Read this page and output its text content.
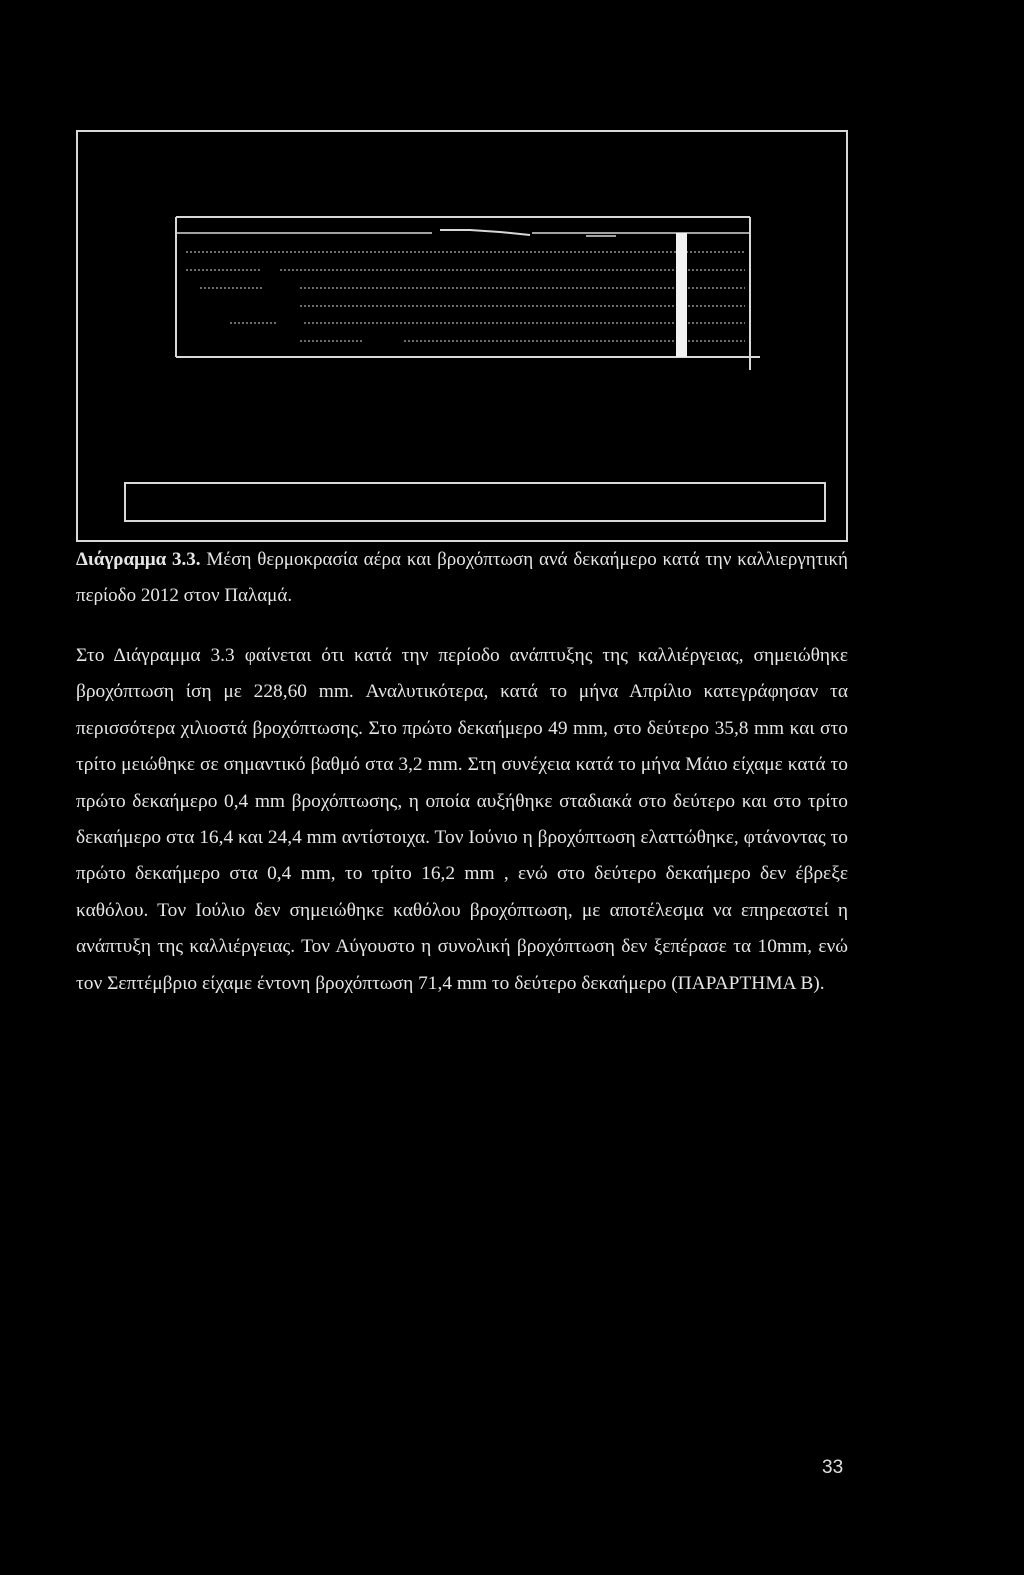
Διάγραμμα 3.3. Μέση θερμοκρασία αέρα και βροχόπτωση ανά δεκαήμερο κατά την καλλιεργητική περίοδο 2012 στον Παλαμά.

Στο Διάγραμμα 3.3 φαίνεται ότι κατά την περίοδο ανάπτυξης της καλλιέργειας, σημειώθηκε βροχόπτωση ίση με 228,60 mm. Αναλυτικότερα, κατά το μήνα Απρίλιο κατεγράφησαν τα περισσότερα χιλιοστά βροχόπτωσης. Στο πρώτο δεκαήμερο 49 mm, στο δεύτερο 35,8 mm και στο τρίτο μειώθηκε σε σημαντικό βαθμό στα 3,2 mm. Στη συνέχεια κατά το μήνα Μάιο είχαμε κατά το πρώτο δεκαήμερο 0,4 mm βροχόπτωσης, η οποία αυξήθηκε σταδιακά στο δεύτερο και στο τρίτο δεκαήμερο στα 16,4 και 24,4 mm αντίστοιχα. Τον Ιούνιο η βροχόπτωση ελαττώθηκε, φτάνοντας το πρώτο δεκαήμερο στα 0,4 mm, το τρίτο 16,2 mm , ενώ στο δεύτερο δεκαήμερο δεν έβρεξε καθόλου. Τον Ιούλιο δεν σημειώθηκε καθόλου βροχόπτωση, με αποτέλεσμα να επηρεαστεί η ανάπτυξη της καλλιέργειας. Τον Αύγουστο η συνολική βροχόπτωση δεν ξεπέρασε τα 10mm, ενώ τον Σεπτέμβριο είχαμε έντονη βροχόπτωση 71,4 mm το δεύτερο δεκαήμερο (ΠΑΡΑΡΤΗΜΑ Β).

33
